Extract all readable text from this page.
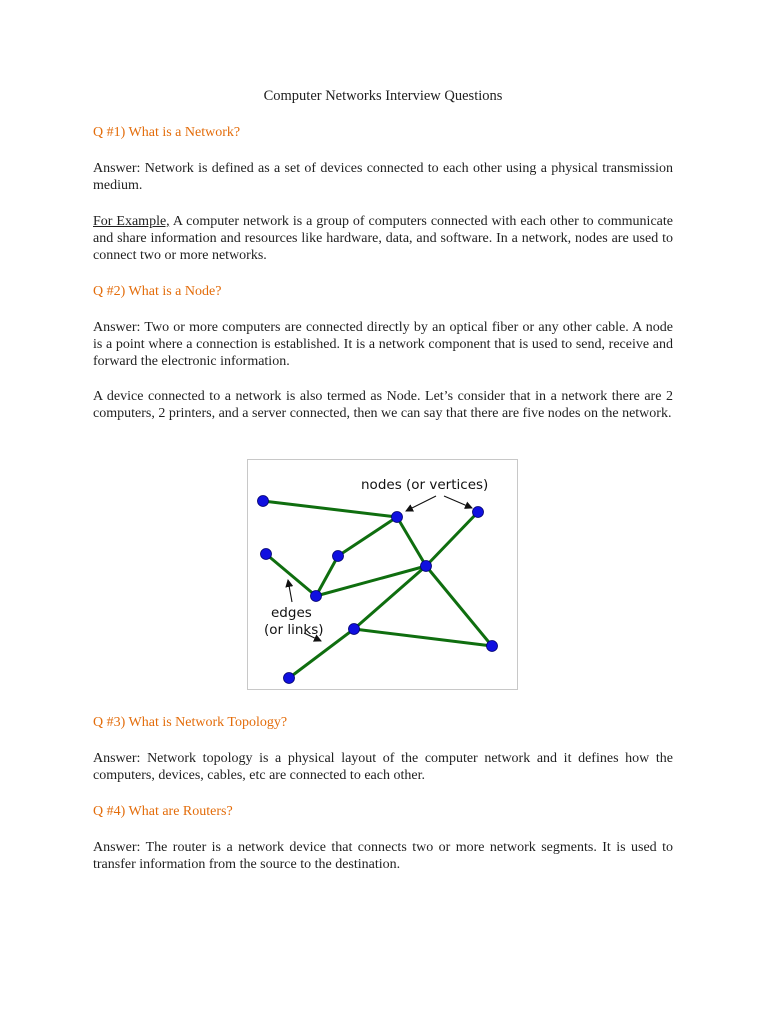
Computer Networks Interview Questions
Q #1) What is a Network?
Answer: Network is defined as a set of devices connected to each other using a physical transmission medium.
For Example, A computer network is a group of computers connected with each other to communicate and share information and resources like hardware, data, and software. In a network, nodes are used to connect two or more networks.
Q #2) What is a Node?
Answer: Two or more computers are connected directly by an optical fiber or any other cable. A node is a point where a connection is established. It is a network component that is used to send, receive and forward the electronic information.
A device connected to a network is also termed as Node. Let’s consider that in a network there are 2 computers, 2 printers, and a server connected, then we can say that there are five nodes on the network.
Q #3) What is Network Topology?
Answer: Network topology is a physical layout of the computer network and it defines how the computers, devices, cables, etc are connected to each other.
Q #4) What are Routers?
Answer: The router is a network device that connects two or more network segments. It is used to transfer information from the source to the destination.
nodes (or vertices)
edges
(or links)
